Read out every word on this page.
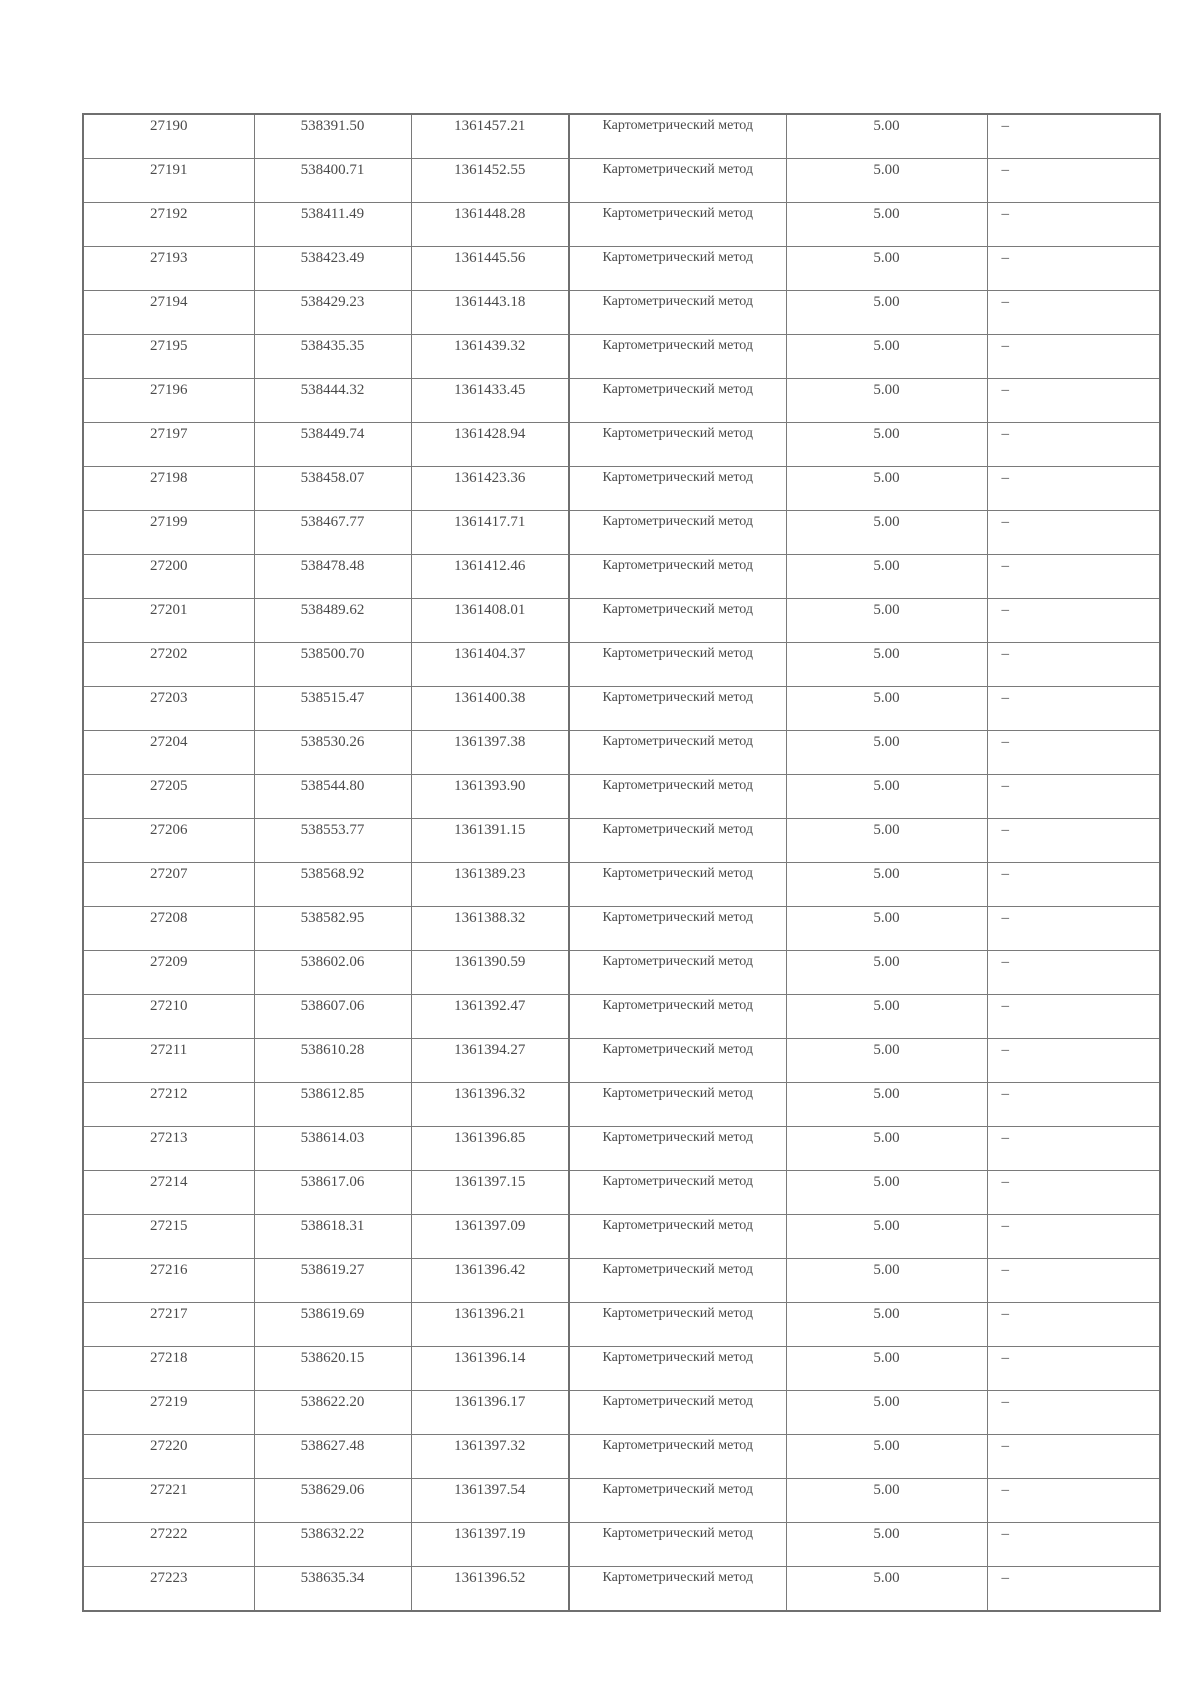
27190	538391.50	1361457.21	Картометрический метод	5.00	–
27191	538400.71	1361452.55	Картометрический метод	5.00	–
27192	538411.49	1361448.28	Картометрический метод	5.00	–
27193	538423.49	1361445.56	Картометрический метод	5.00	–
27194	538429.23	1361443.18	Картометрический метод	5.00	–
27195	538435.35	1361439.32	Картометрический метод	5.00	–
27196	538444.32	1361433.45	Картометрический метод	5.00	–
27197	538449.74	1361428.94	Картометрический метод	5.00	–
27198	538458.07	1361423.36	Картометрический метод	5.00	–
27199	538467.77	1361417.71	Картометрический метод	5.00	–
27200	538478.48	1361412.46	Картометрический метод	5.00	–
27201	538489.62	1361408.01	Картометрический метод	5.00	–
27202	538500.70	1361404.37	Картометрический метод	5.00	–
27203	538515.47	1361400.38	Картометрический метод	5.00	–
27204	538530.26	1361397.38	Картометрический метод	5.00	–
27205	538544.80	1361393.90	Картометрический метод	5.00	–
27206	538553.77	1361391.15	Картометрический метод	5.00	–
27207	538568.92	1361389.23	Картометрический метод	5.00	–
27208	538582.95	1361388.32	Картометрический метод	5.00	–
27209	538602.06	1361390.59	Картометрический метод	5.00	–
27210	538607.06	1361392.47	Картометрический метод	5.00	–
27211	538610.28	1361394.27	Картометрический метод	5.00	–
27212	538612.85	1361396.32	Картометрический метод	5.00	–
27213	538614.03	1361396.85	Картометрический метод	5.00	–
27214	538617.06	1361397.15	Картометрический метод	5.00	–
27215	538618.31	1361397.09	Картометрический метод	5.00	–
27216	538619.27	1361396.42	Картометрический метод	5.00	–
27217	538619.69	1361396.21	Картометрический метод	5.00	–
27218	538620.15	1361396.14	Картометрический метод	5.00	–
27219	538622.20	1361396.17	Картометрический метод	5.00	–
27220	538627.48	1361397.32	Картометрический метод	5.00	–
27221	538629.06	1361397.54	Картометрический метод	5.00	–
27222	538632.22	1361397.19	Картометрический метод	5.00	–
27223	538635.34	1361396.52	Картометрический метод	5.00	–
